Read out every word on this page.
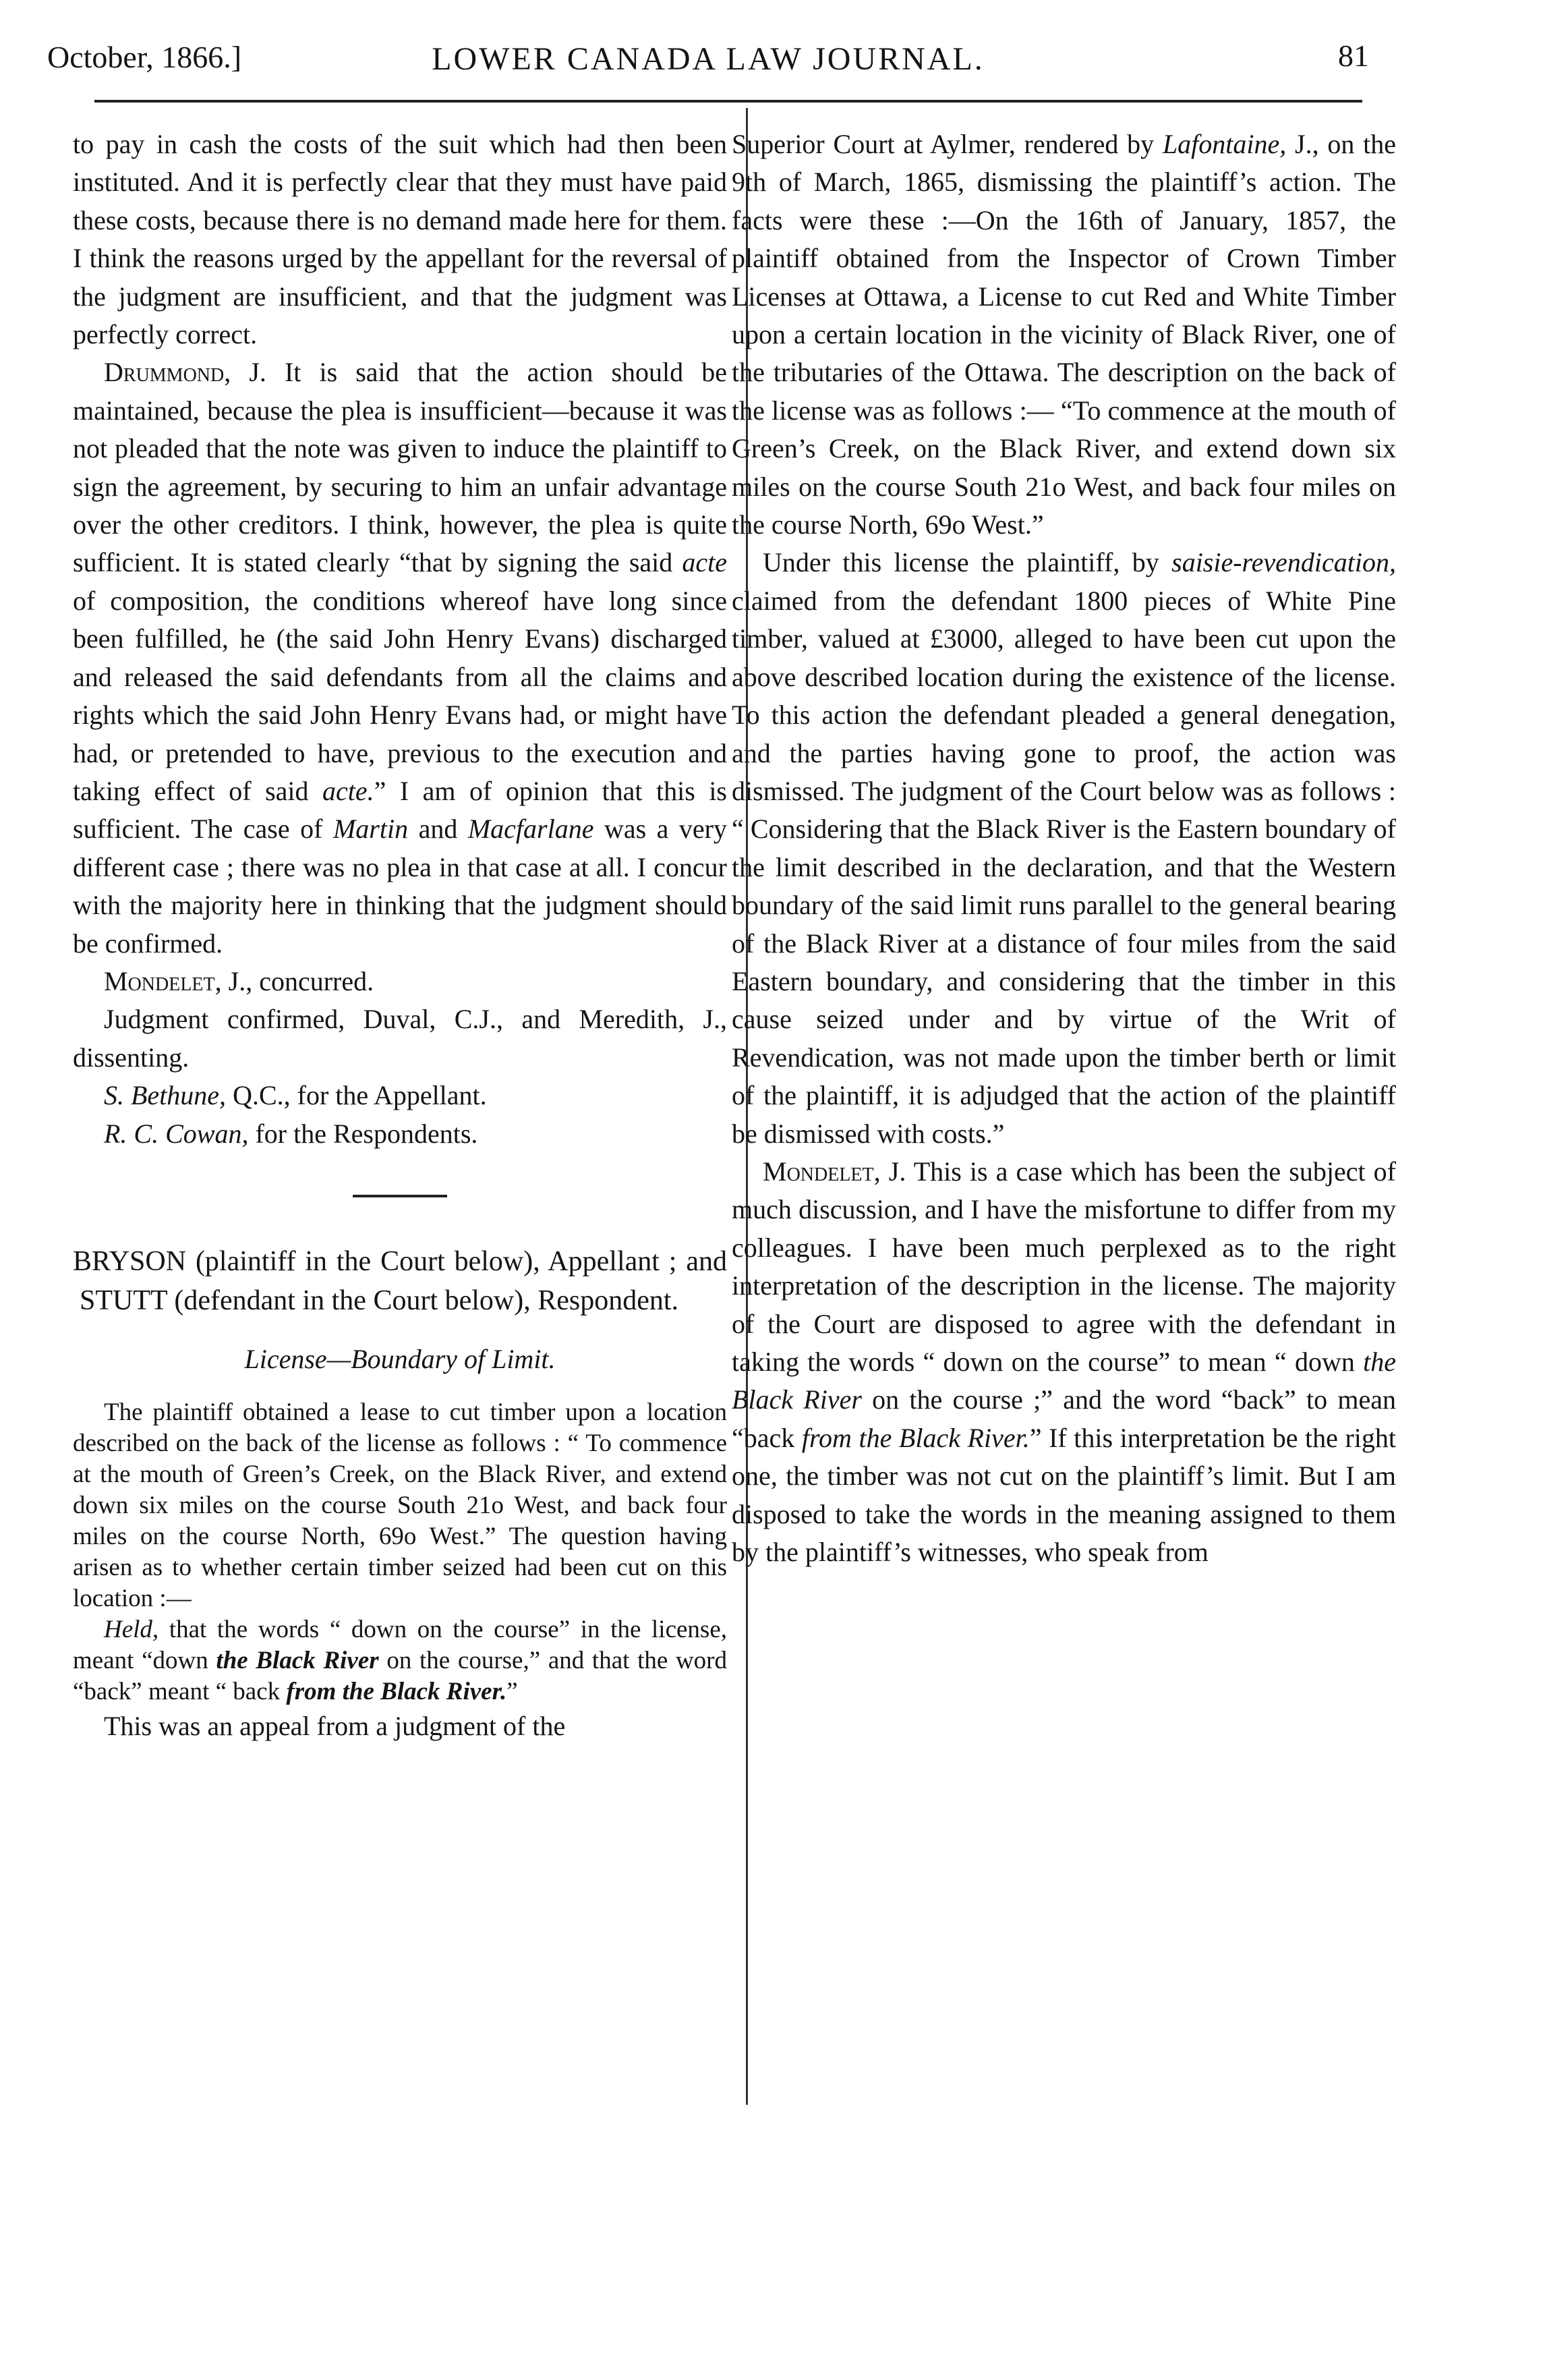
October, 1866.]	LOWER CANADA LAW JOURNAL.	81

to pay in cash the costs of the suit which had then been instituted. And it is perfectly clear that they must have paid these costs, because there is no demand made here for them. I think the reasons urged by the appellant for the reversal of the judgment are insufficient, and that the judgment was perfectly correct.

Drummond, J. It is said that the action should be maintained, because the plea is insufficient—because it was not pleaded that the note was given to induce the plaintiff to sign the agreement, by securing to him an unfair advantage over the other creditors. I think, however, the plea is quite sufficient. It is stated clearly “that by signing the said acte of composition, the conditions whereof have long since been fulfilled, he (the said John Henry Evans) discharged and released the said defendants from all the claims and rights which the said John Henry Evans had, or might have had, or pretended to have, previous to the execution and taking effect of said acte.” I am of opinion that this is sufficient. The case of Martin and Macfarlane was a very different case ; there was no plea in that case at all. I concur with the majority here in thinking that the judgment should be confirmed.

Mondelet, J., concurred.

Judgment confirmed, Duval, C.J., and Meredith, J., dissenting.

S. Bethune, Q.C., for the Appellant.

R. C. Cowan, for the Respondents.

BRYSON (plaintiff in the Court below), Appellant ; and STUTT (defendant in the Court below), Respondent.

License—Boundary of Limit.

The plaintiff obtained a lease to cut timber upon a location described on the back of the license as follows : “ To commence at the mouth of Green’s Creek, on the Black River, and extend down six miles on the course South 21o West, and back four miles on the course North, 69o West.” The question having arisen as to whether certain timber seized had been cut on this location :—

Held, that the words “ down on the course” in the license, meant “down the Black River on the course,” and that the word “back” meant “ back from the Black River.”

This was an appeal from a judgment of the

Superior Court at Aylmer, rendered by Lafontaine, J., on the 9th of March, 1865, dismissing the plaintiff’s action. The facts were these :—On the 16th of January, 1857, the plaintiff obtained from the Inspector of Crown Timber Licenses at Ottawa, a License to cut Red and White Timber upon a certain location in the vicinity of Black River, one of the tributaries of the Ottawa. The description on the back of the license was as follows :— “To commence at the mouth of Green’s Creek, on the Black River, and extend down six miles on the course South 21o West, and back four miles on the course North, 69o West.”

Under this license the plaintiff, by saisie-revendication, claimed from the defendant 1800 pieces of White Pine timber, valued at £3000, alleged to have been cut upon the above described location during the existence of the license. To this action the defendant pleaded a general denegation, and the parties having gone to proof, the action was dismissed. The judgment of the Court below was as follows : “ Considering that the Black River is the Eastern boundary of the limit described in the declaration, and that the Western boundary of the said limit runs parallel to the general bearing of the Black River at a distance of four miles from the said Eastern boundary, and considering that the timber in this cause seized under and by virtue of the Writ of Revendication, was not made upon the timber berth or limit of the plaintiff, it is adjudged that the action of the plaintiff be dismissed with costs.”

Mondelet, J. This is a case which has been the subject of much discussion, and I have the misfortune to differ from my colleagues. I have been much perplexed as to the right interpretation of the description in the license. The majority of the Court are disposed to agree with the defendant in taking the words “ down on the course” to mean “ down the Black River on the course ;” and the word “back” to mean “back from the Black River.” If this interpretation be the right one, the timber was not cut on the plaintiff’s limit. But I am disposed to take the words in the meaning assigned to them by the plaintiff’s witnesses, who speak from
